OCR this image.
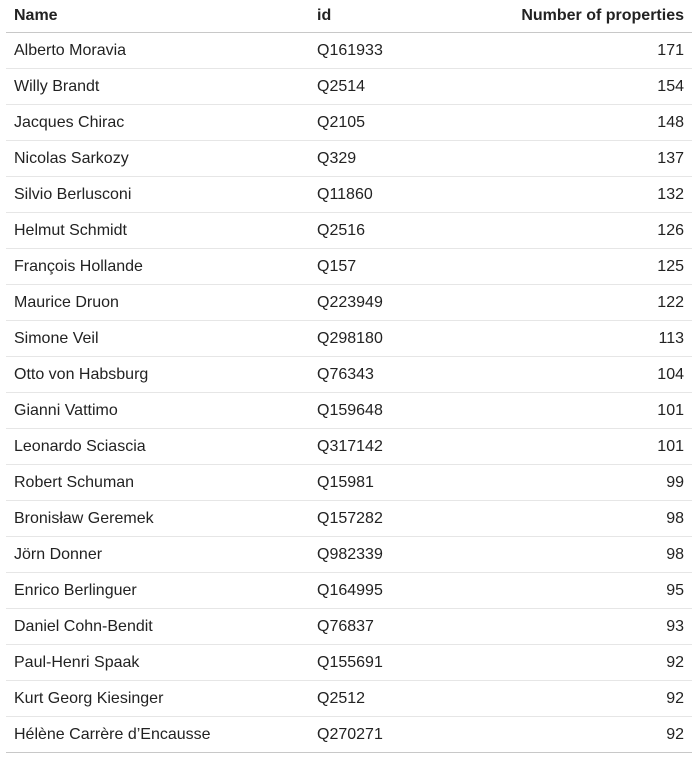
Name	id	Number of properties
Alberto Moravia	Q161933	171
Willy Brandt	Q2514	154
Jacques Chirac	Q2105	148
Nicolas Sarkozy	Q329	137
Silvio Berlusconi	Q11860	132
Helmut Schmidt	Q2516	126
François Hollande	Q157	125
Maurice Druon	Q223949	122
Simone Veil	Q298180	113
Otto von Habsburg	Q76343	104
Gianni Vattimo	Q159648	101
Leonardo Sciascia	Q317142	101
Robert Schuman	Q15981	99
Bronisław Geremek	Q157282	98
Jörn Donner	Q982339	98
Enrico Berlinguer	Q164995	95
Daniel Cohn-Bendit	Q76837	93
Paul-Henri Spaak	Q155691	92
Kurt Georg Kiesinger	Q2512	92
Hélène Carrère d’Encausse	Q270271	92
